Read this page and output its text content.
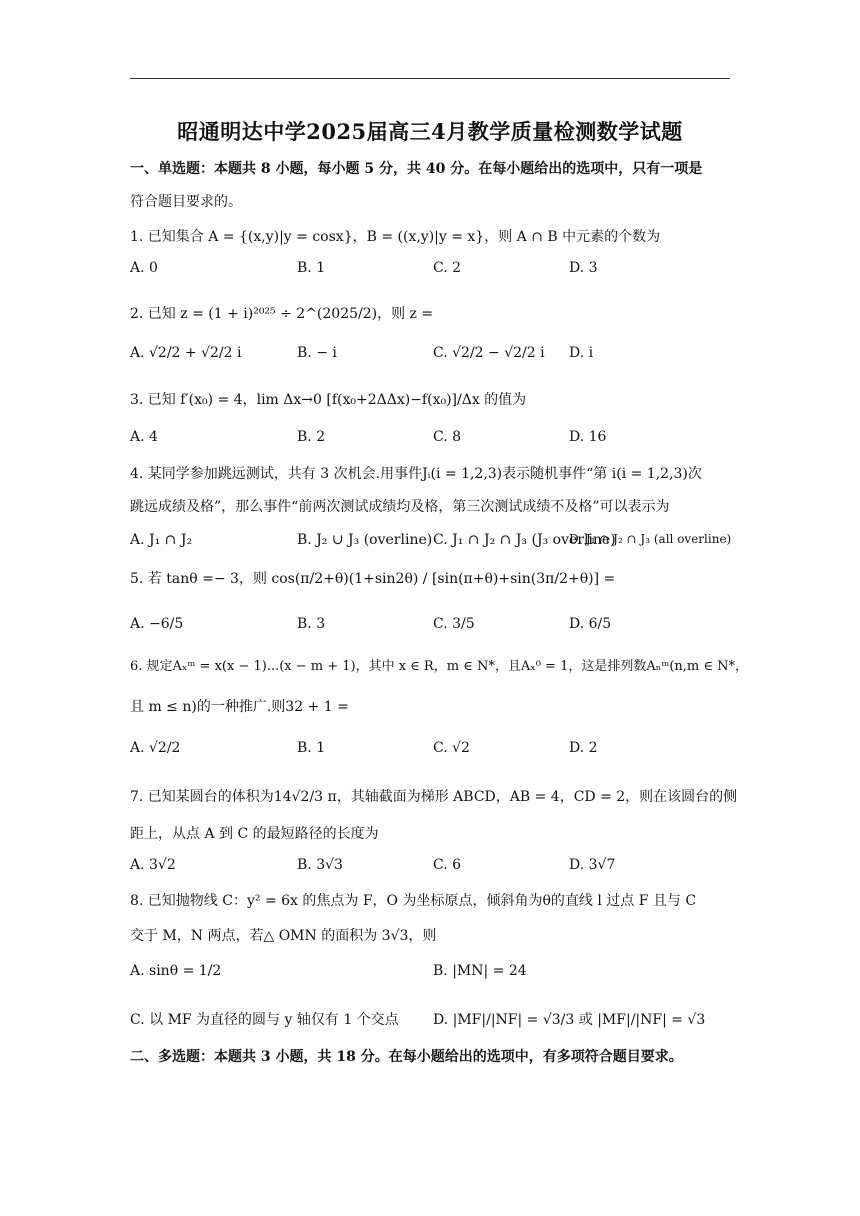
昭通明达中学2025届高三4月教学质量检测数学试题
一、单选题：本题共 8 小题，每小题 5 分，共 40 分。在每小题给出的选项中，只有一项是
符合题目要求的。
1. 已知集合 A = {(x,y)|y = cosx}，B = ((x,y)|y = x}，则 A ∩ B 中元素的个数为
A. 0	B. 1	C. 2	D. 3
2. 已知 z = (1 + i)²⁰²⁵ ÷ 2^(2025/2)，则 z =
A. √2/2 + √2/2 i	B. − i	C. √2/2 − √2/2 i D. i
3. 已知 f′(x₀) = 4，lim Δx→0 [f(x₀+2ΔΔx)−f(x₀)]/Δx 的值为
A. 4	B. 2	C. 8	D. 16
4. 某同学参加跳远测试，共有 3 次机会.用事件Jᵢ(i = 1,2,3)表示随机事件“第 i(i = 1,2,3)次
跳远成绩及格”，那么事件“前两次测试成绩均及格，第三次测试成绩不及格”可以表示为
A. J₁ ∩ J₂	B. J₂ ∪ J₃ (overline) C. J₁ ∩ J₂ ∩ J₃ (J₃ overline)
D. J₁ ∩ J₂ ∩ J₃ (all overline)
5. 若 tanθ =− 3，则 cos(π/2+θ)(1+sin2θ) / [sin(π+θ)+sin(3π/2+θ)] =
A. −6/5	B. 3	C. 3/5	D. 6/5
6. 规定Aₓᵐ = x(x − 1)...(x − m + 1)，其中 x ∈ R，m ∈ N*，且Aₓ⁰ = 1，这是排列数Aₙᵐ(n,m ∈ N*，
且 m ≤ n)的一种推广.则32 + 1 =
A. √2/2	B. 1	C. √2	D. 2
7. 已知某圆台的体积为14√2/3 π，其轴截面为梯形 ABCD，AB = 4，CD = 2，则在该圆台的侧
距上，从点 A 到 C 的最短路径的长度为
A. 3√2	B. 3√3	C. 6	D. 3√7
8. 已知抛物线 C：y² = 6x 的焦点为 F，O 为坐标原点，倾斜角为θ的直线 l 过点 F 且与 C
交于 M，N 两点，若△ OMN 的面积为 3√3，则
A. sinθ = 1/2	B. |MN| = 24
C. 以 MF 为直径的圆与 y 轴仅有 1 个交点 D. |MF|/|NF| = √3/3 或 |MF|/|NF| = √3
二、多选题：本题共 3 小题，共 18 分。在每小题给出的选项中，有多项符合题目要求。
